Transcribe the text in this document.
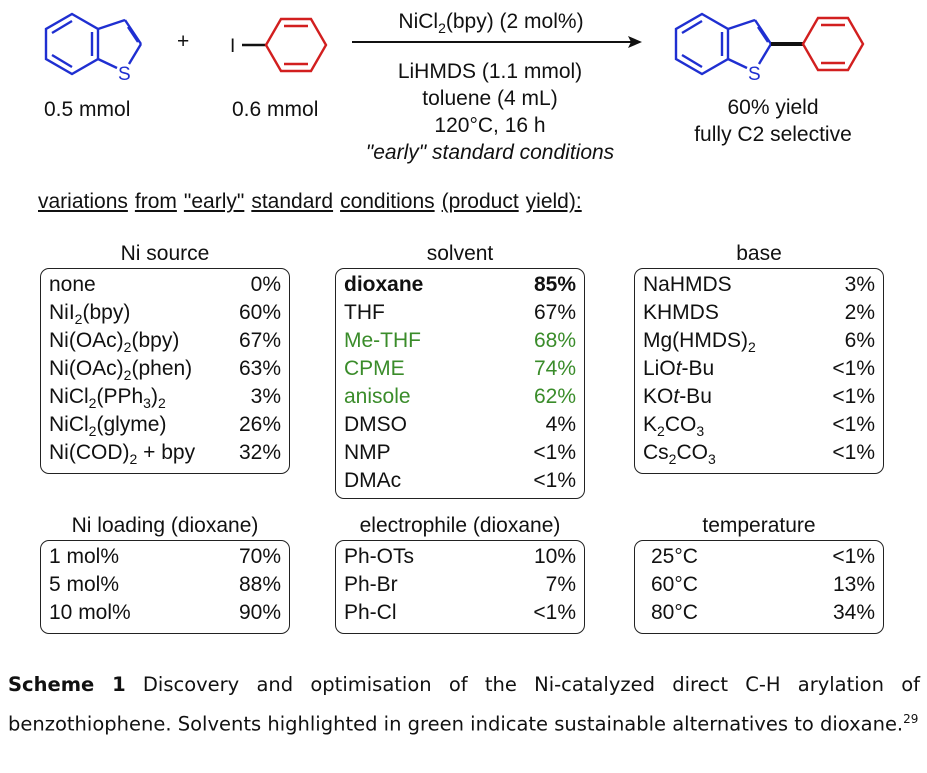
S
0.5 mmol
+ I
0.6 mmol
NiCl$_2$(bpy) (2 mol%)
LiHMDS (1.1 mmol)
toluene (4 mL)
120°C, 16 h
"early" standard conditions
S
60% yield
fully C2 selective
variations from "early" standard conditions (product yield):
Ni source
none	0%
NiI$_2$(bpy)	60%
$Ni(OAc)_2(bpy)$	67%
$Ni(OAc)_2(phen)$ 63%
$NiCl_2(PPh_3)_2$	3%
NiCl$_2$(glyme)	26%
$Ni(COD)_2$ + bpy 32%
solvent
dioxane	85%
THF	67%
Me-THF	68%
CPME	74%
anisole	62%
DMSO	4%
NMP	<1%
DMAc	<1%
base
NaHMDS	3%
KHMDS	2%
$Mg(HMDS)_2$	6%
LiOt-Bu	<1%
KOt-Bu	<1%
$K_2CO_3$	<1%
$Cs_2CO_3$	<1%
Ni loading (dioxane)
1 mol%	70%
5 mol%	88%
10 mol%	90%
electrophile (dioxane)
Ph-OTs	10%
Ph-Br	7%
Ph-Cl	<1%
temperature
25°C	<1%
60°C	13%
80°C	34%
Scheme 1 Discovery and optimisation of the Ni-catalyzed direct C-H arylation of benzothiophene. Solvents highlighted in green indicate sustainable alternatives to dioxane.$^{29}$
